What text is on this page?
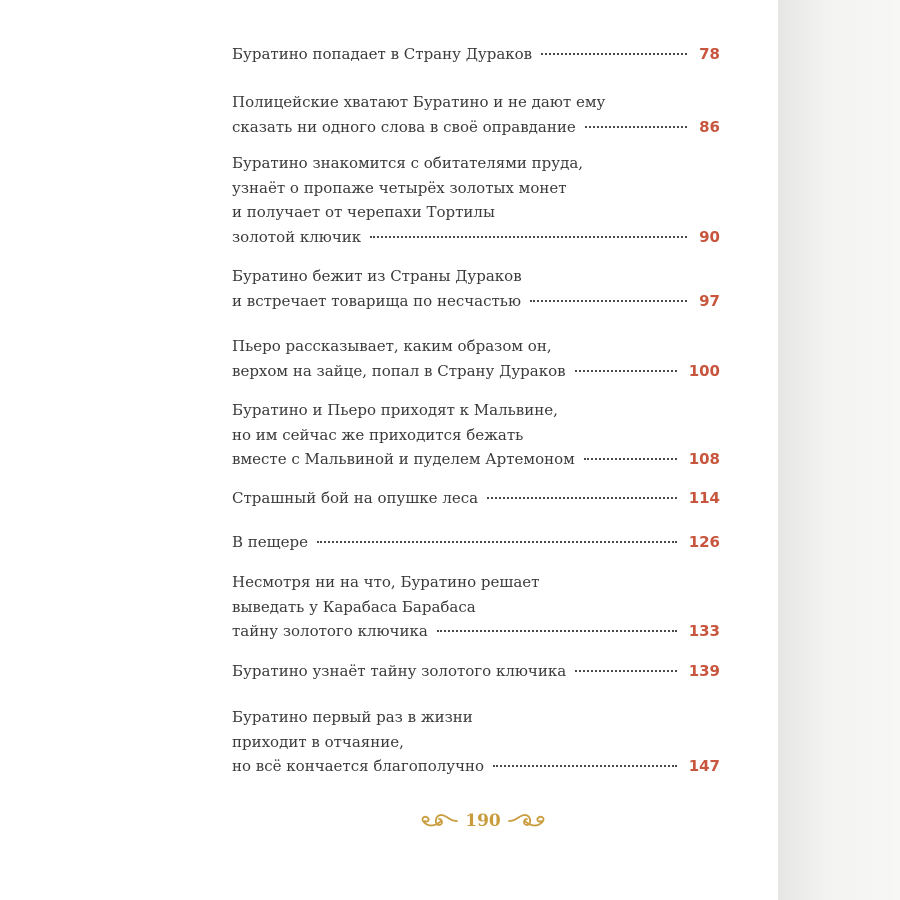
Буратино попадает в Страну Дураков	78
Полицейские хватают Буратино и не дают ему
сказать ни одного слова в своё оправдание	86
Буратино знакомится с обитателями пруда,
узнаёт о пропаже четырёх золотых монет
и получает от черепахи Тортилы
золотой ключик	90
Буратино бежит из Страны Дураков
и встречает товарища по несчастью	97
Пьеро рассказывает, каким образом он,
верхом на зайце, попал в Страну Дураков	100
Буратино и Пьеро приходят к Мальвине,
но им сейчас же приходится бежать
вместе с Мальвиной и пуделем Артемоном	108
Страшный бой на опушке леса	114
В пещере	126
Несмотря ни на что, Буратино решает
выведать у Карабаса Барабаса
тайну золотого ключика	133
Буратино узнаёт тайну золотого ключика	139
Буратино первый раз в жизни
приходит в отчаяние,
но всё кончается благополучно	147
190
